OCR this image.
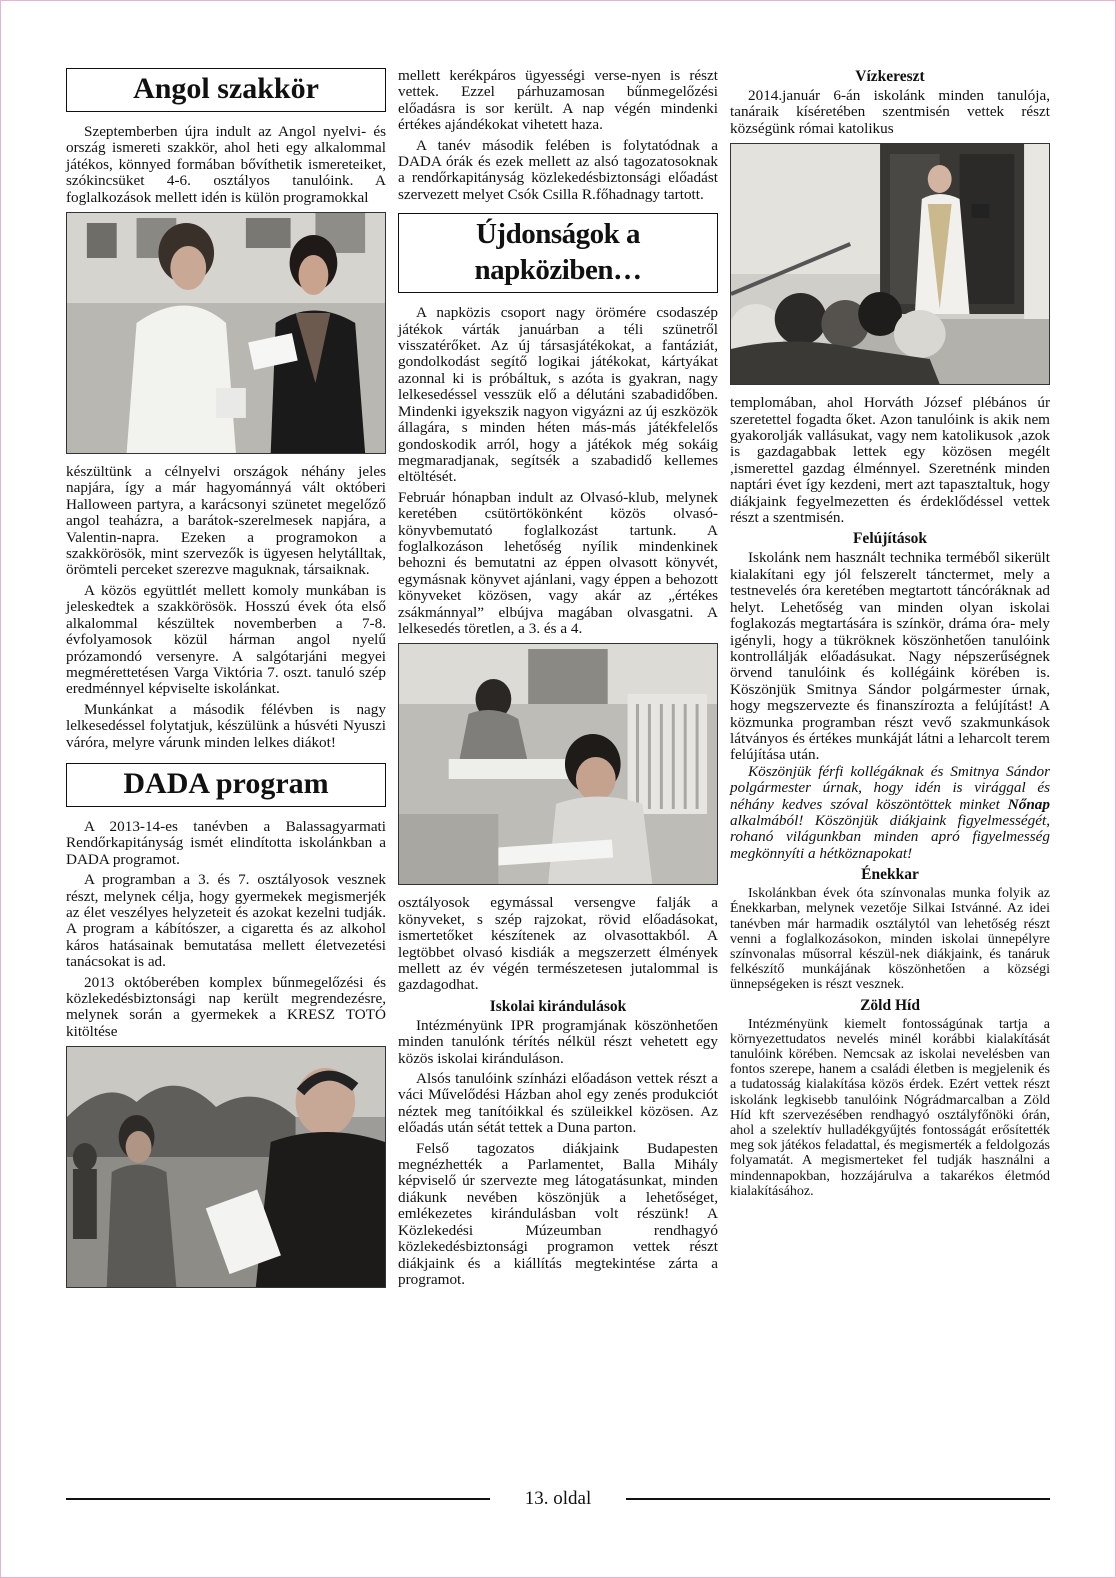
Angol szakkör

Szeptemberben újra indult az Angol nyelvi- és ország ismereti szakkör, ahol heti egy alkalommal játékos, könnyed formában bővíthetik ismereteiket, szókincsüket 4-6. osztályos tanulóink. A foglalkozások mellett idén is külön programokkal

készültünk a célnyelvi országok néhány jeles napjára, így a már hagyománnyá vált októberi Halloween partyra, a karácsonyi szünetet megelőző angol teaházra, a barátok-szerelmesek napjára, a Valentin-napra. Ezeken a programokon a szakkörösök, mint szervezők is ügyesen helytálltak, örömteli perceket szerezve maguknak, társaiknak.

A közös együttlét mellett komoly munkában is jeleskedtek a szakkörösök. Hosszú évek óta első alkalommal készültek novemberben a 7-8. évfolyamosok közül hárman angol nyelű prózamondó versenyre. A salgótarjáni megyei megmérettetésen Varga Viktória 7. oszt. tanuló szép eredménnyel képviselte iskolánkat.

Munkánkat a második félévben is nagy lelkesedéssel folytatjuk, készülünk a húsvéti Nyuszi váróra, melyre várunk minden lelkes diákot!

DADA program

A 2013-14-es tanévben a Balassagyarmati Rendőrkapitányság ismét elindította iskolánkban a DADA programot.

A programban a 3. és 7. osztályosok vesznek részt, melynek célja, hogy gyermekek megismerjék az élet veszélyes helyzeteit és azokat kezelni tudják. A program a kábítószer, a cigaretta és az alkohol káros hatásainak bemutatása mellett életvezetési tanácsokat is ad.

2013 októberében komplex bűnmegelőzési és közlekedésbiztonsági nap került megrendezésre, melynek során a gyermekek a KRESZ TOTÓ kitöltése

mellett kerékpáros ügyességi verse-nyen is részt vettek. Ezzel párhuzamosan bűnmegelőzési előadásra is sor került. A nap végén mindenki értékes ajándékokat vihetett haza.

A tanév második felében is folytatódnak a DADA órák és ezek mellett az alsó tagozatosoknak a rendőrkapitányság közlekedésbiztonsági előadást szervezett melyet Csók Csilla R.főhadnagy tartott.

Újdonságok a napköziben…

A napközis csoport nagy örömére csodaszép játékok várták januárban a téli szünetről visszatérőket. Az új társasjátékokat, a fantáziát, gondolkodást segítő logikai játékokat, kártyákat azonnal ki is próbáltuk, s azóta is gyakran, nagy lelkesedéssel vesszük elő a délutáni szabadidőben. Mindenki igyekszik nagyon vigyázni az új eszközök állagára, s minden héten más-más játékfelelős gondoskodik arról, hogy a játékok még sokáig megmaradjanak, segítsék a szabadidő kellemes eltöltését.

Február hónapban indult az Olvasó-klub, melynek keretében csütörtökönként közös olvasó-könyvbemutató foglalkozást tartunk. A foglalkozáson lehetőség nyílik mindenkinek behozni és bemutatni az éppen olvasott könyvét, egymásnak könyvet ajánlani, vagy éppen a behozott könyveket közösen, vagy akár az „értékes zsákmánnyal” elbújva magában olvasgatni. A lelkesedés töretlen, a 3. és a 4.

osztályosok egymással versengve falják a könyveket, s szép rajzokat, rövid előadásokat, ismertetőket készítenek az olvasottakból. A legtöbbet olvasó kisdiák a megszerzett élmények mellett az év végén természetesen jutalommal is gazdagodhat.

Iskolai kirándulások

Intézményünk IPR programjának köszönhetően minden tanulónk térítés nélkül részt vehetett egy közös iskolai kiránduláson.

Alsós tanulóink színházi előadáson vettek részt a váci Művelődési Házban ahol egy zenés produkciót néztek meg tanítóikkal és szüleikkel közösen. Az előadás után sétát tettek a Duna parton.

Felső tagozatos diákjaink Budapesten megnézhették a Parlamentet, Balla Mihály képviselő úr szervezte meg látogatásunkat, minden diákunk nevében köszönjük a lehetőséget, emlékezetes kirándulásban volt részünk! A Közlekedési Múzeumban rendhagyó közlekedésbiztonsági programon vettek részt diákjaink és a kiállítás megtekintése zárta a programot.

Vízkereszt

2014.január 6-án iskolánk minden tanulója, tanáraik kíséretében szentmisén vettek részt községünk római katolikus

templomában, ahol Horváth József plébános úr szeretettel fogadta őket. Azon tanulóink is akik nem gyakorolják vallásukat, vagy nem katolikusok ,azok is gazdagabbak lettek egy közösen megélt ,ismerettel gazdag élménnyel. Szeretnénk minden naptári évet így kezdeni, mert azt tapasztaltuk, hogy diákjaink fegyelmezetten és érdeklődéssel vettek részt a szentmisén.

Felújítások

Iskolánk nem használt technika terméből sikerült kialakítani egy jól felszerelt tánctermet, mely a testnevelés óra keretében megtartott táncóráknak ad helyt. Lehetőség van minden olyan iskolai foglakozás megtartására is színkör, dráma óra- mely igényli, hogy a tükröknek köszönhetően tanulóink kontrollálják előadásukat. Nagy népszerűségnek örvend tanulóink és kollégáink körében is. Köszönjük Smitnya Sándor polgármester úrnak, hogy megszervezte és finanszírozta a felújítást! A közmunka programban részt vevő szakmunkások látványos és értékes munkáját látni a leharcolt terem felújítása után.

Köszönjük férfi kollégáknak és Smitnya Sándor polgármester úrnak, hogy idén is virággal és néhány kedves szóval köszöntöttek minket Nőnap alkalmából! Köszönjük diákjaink figyelmességét, rohanó világunkban minden apró figyelmesség megkönnyíti a hétköznapokat!

Énekkar

Iskolánkban évek óta színvonalas munka folyik az Énekkarban, melynek vezetője Silkai Istvánné. Az idei tanévben már harmadik osztálytól van lehetőség részt venni a foglalkozásokon, minden iskolai ünnepélyre színvonalas műsorral készül-nek diákjaink, és tanáruk felkészítő munkájának köszönhetően a községi ünnepségeken is részt vesznek.

Zöld Híd

Intézményünk kiemelt fontosságúnak tartja a környezettudatos nevelés minél korábbi kialakítását tanulóink körében. Nemcsak az iskolai nevelésben van fontos szerepe, hanem a családi életben is megjelenik és a tudatosság kialakítása közös érdek. Ezért vettek részt iskolánk legkisebb tanulóink Nógrádmarcalban a Zöld Híd kft szervezésében rendhagyó osztályfőnöki órán, ahol a szelektív hulladékgyűjtés fontosságát erősítették meg sok játékos feladattal, és megismerték a feldolgozás folyamatát. A megismerteket fel tudják használni a mindennapokban, hozzájárulva a takarékos életmód kialakításához.

13. oldal
